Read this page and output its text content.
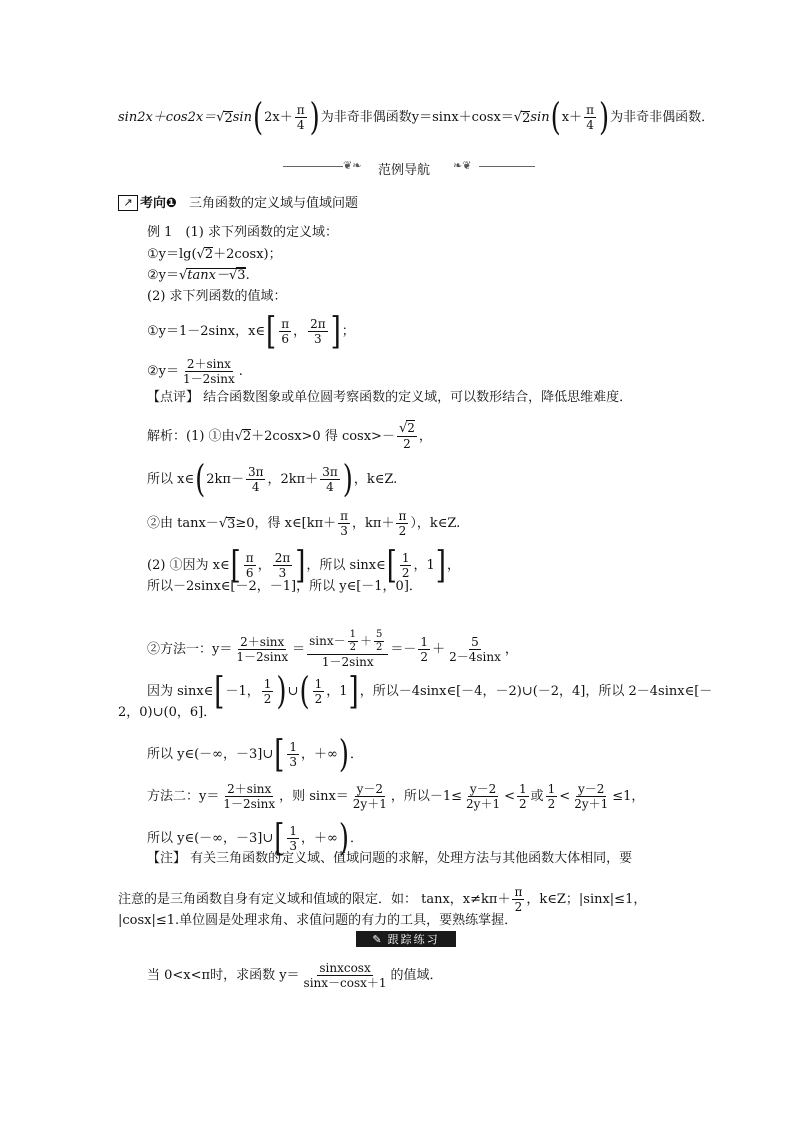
sin2x＋cos2x＝ √ 2 sin ( $2x+ \frac{\pi}{4}$ ) 为非奇非偶函数y＝sinx＋cosx＝ √ 2 sin ( $x+ \frac{\pi}{4}$ ) 为非奇非偶函数．
❦❧ 范例导航 ❧❦
↗ 考向❶ 三角函数的定义域与值域问题
例 1　(1) 求下列函数的定义域：
①y＝lg( √ 2 ＋2cosx)；
②y＝ √ tanx－√3 .
(2) 求下列函数的值域：
①y＝1－2sinx，x∈ [ $\frac{\pi}{6}$ ， $\frac{2\pi}{3}$ ] ；
②y＝ $\frac{2+\sin x}{1-2\sin x}$ .
【点评】 结合函数图象或单位圆考察函数的定义域，可以数形结合，降低思维难度．
解析：(1) ①由 √ 2 ＋2cosx>0 得 $\cos x>- \frac{√2}{2}$ ，
所以 x∈ ( $2k\pi- \frac{3\pi}{4}$ ，$2k\pi+ \frac{3\pi}{4}$ ) ，k∈Z.
②由 tanx－ √ 3 ≥0，得 x∈[kπ＋ $\frac{\pi}{3}$ ，$k\pi+ \frac{\pi}{2}$ ），k∈Z.
(2) ①因为 x∈ [ $\frac{\pi}{6}$ ， $\frac{2\pi}{3}$ ] ，所以 sinx∈ [ $\frac{1}{2}$ ， 1 ] ，
所以－2sinx∈[－2，－1]，所以 y∈[－1，0]．
②方法一：$y= \frac{2+\sin x}{1-2\sin x} = \frac{\sin x- \frac{1}{2} + \frac{5}{2}}{1-2\sin x} =- \frac{1}{2} + \frac{5}{2-4\sin x}$ ，
因为 sinx∈ [ －1， $\frac{1}{2}$ ) ∪ ( $\frac{1}{2}$ ， 1 ] ，所以－4sinx∈[－4，－2)∪(－2，4]，所以 2－4sinx∈[－
2，0)∪(0，6]．
所以 y∈(－∞，－3]∪ [ $\frac{1}{3}$ ，＋∞ ) ．
方法二：$y= \frac{2+\sin x}{1-2\sin x}$ ，则 $\sin x= \frac{y-2}{2y+1}$ ，所以$-1\le \frac{y-2}{2y+1} < \frac{1}{2}$ 或 $\frac{1}{2} < \frac{y-2}{2y+1} \le 1$，
所以 y∈(－∞，－3]∪ [ $\frac{1}{3}$ ，＋∞ ) ．
【注】 有关三角函数的定义域、值域问题的求解，处理方法与其他函数大体相同，要
注意的是三角函数自身有定义域和值域的限定．如： tanx，$x\ne k\pi+ \frac{\pi}{2}$ ，k∈Z；|sinx|≤1，
|cosx|≤1.单位圆是处理求角、求值问题的有力的工具，要熟练掌握．
✎ 跟踪练习
当 0<x<π时，求函数 $y= \frac{\text{sinxcosx}}{\sin x-\cos x+1}$ 的值域．
